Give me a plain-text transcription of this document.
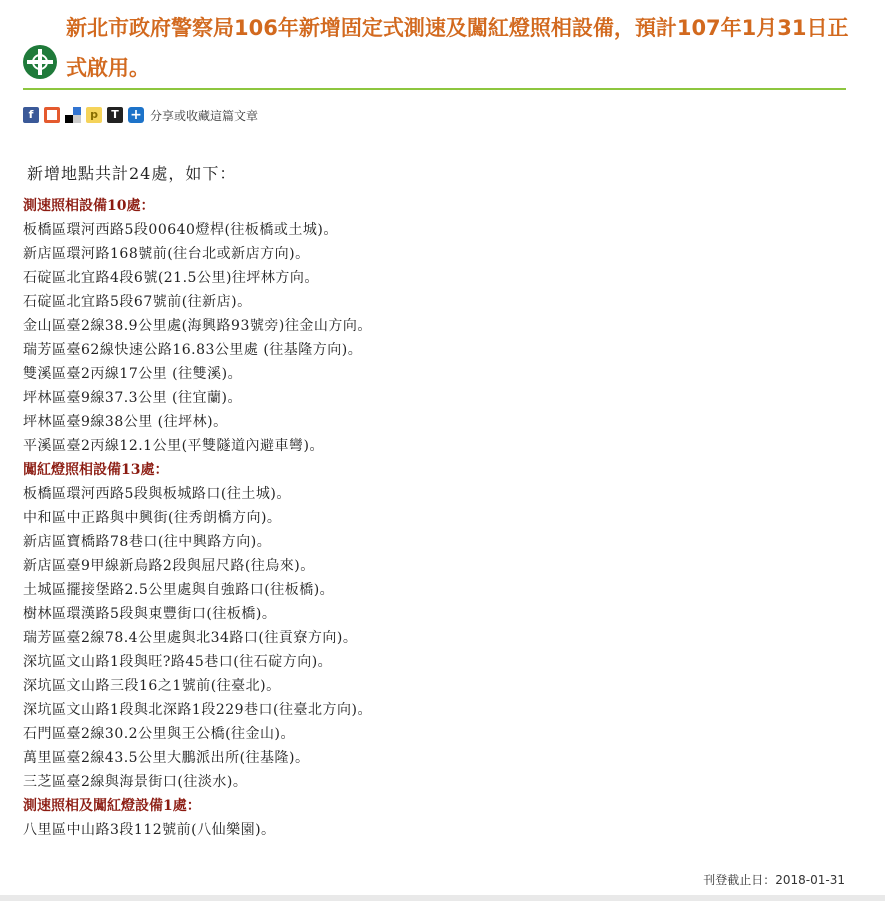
新北市政府警察局106年新增固定式測速及闖紅燈照相設備，預計107年1月31日正式啟用。
f	p	T + 分享或收藏這篇文章

新增地點共計24處，如下：

測速照相設備10處：

板橋區環河西路5段00640燈桿(往板橋或土城)。
新店區環河路168號前(往台北或新店方向)。
石碇區北宜路4段6號(21.5公里)往坪林方向。
石碇區北宜路5段67號前(往新店)。
金山區臺2線38.9公里處(海興路93號旁)往金山方向。
瑞芳區臺62線快速公路16.83公里處 (往基隆方向)。
雙溪區臺2丙線17公里 (往雙溪)。
坪林區臺9線37.3公里 (往宜蘭)。
坪林區臺9線38公里 (往坪林)。
平溪區臺2丙線12.1公里(平雙隧道內避車彎)。

闖紅燈照相設備13處：

板橋區環河西路5段與板城路口(往土城)。
中和區中正路與中興街(往秀朗橋方向)。
新店區寶橋路78巷口(往中興路方向)。
新店區臺9甲線新烏路2段與屈尺路(往烏來)。
土城區擺接堡路2.5公里處與自強路口(往板橋)。
樹林區環漢路5段與東豐街口(往板橋)。
瑞芳區臺2線78.4公里處與北34路口(往貢寮方向)。
深坑區文山路1段與旺?路45巷口(往石碇方向)。
深坑區文山路三段16之1號前(往臺北)。
深坑區文山路1段與北深路1段229巷口(往臺北方向)。
石門區臺2線30.2公里與王公橋(往金山)。
萬里區臺2線43.5公里大鵬派出所(往基隆)。
三芝區臺2線與海景街口(往淡水)。

測速照相及闖紅燈設備1處：

八里區中山路3段112號前(八仙樂園)。
刊登截止日：2018-01-31
